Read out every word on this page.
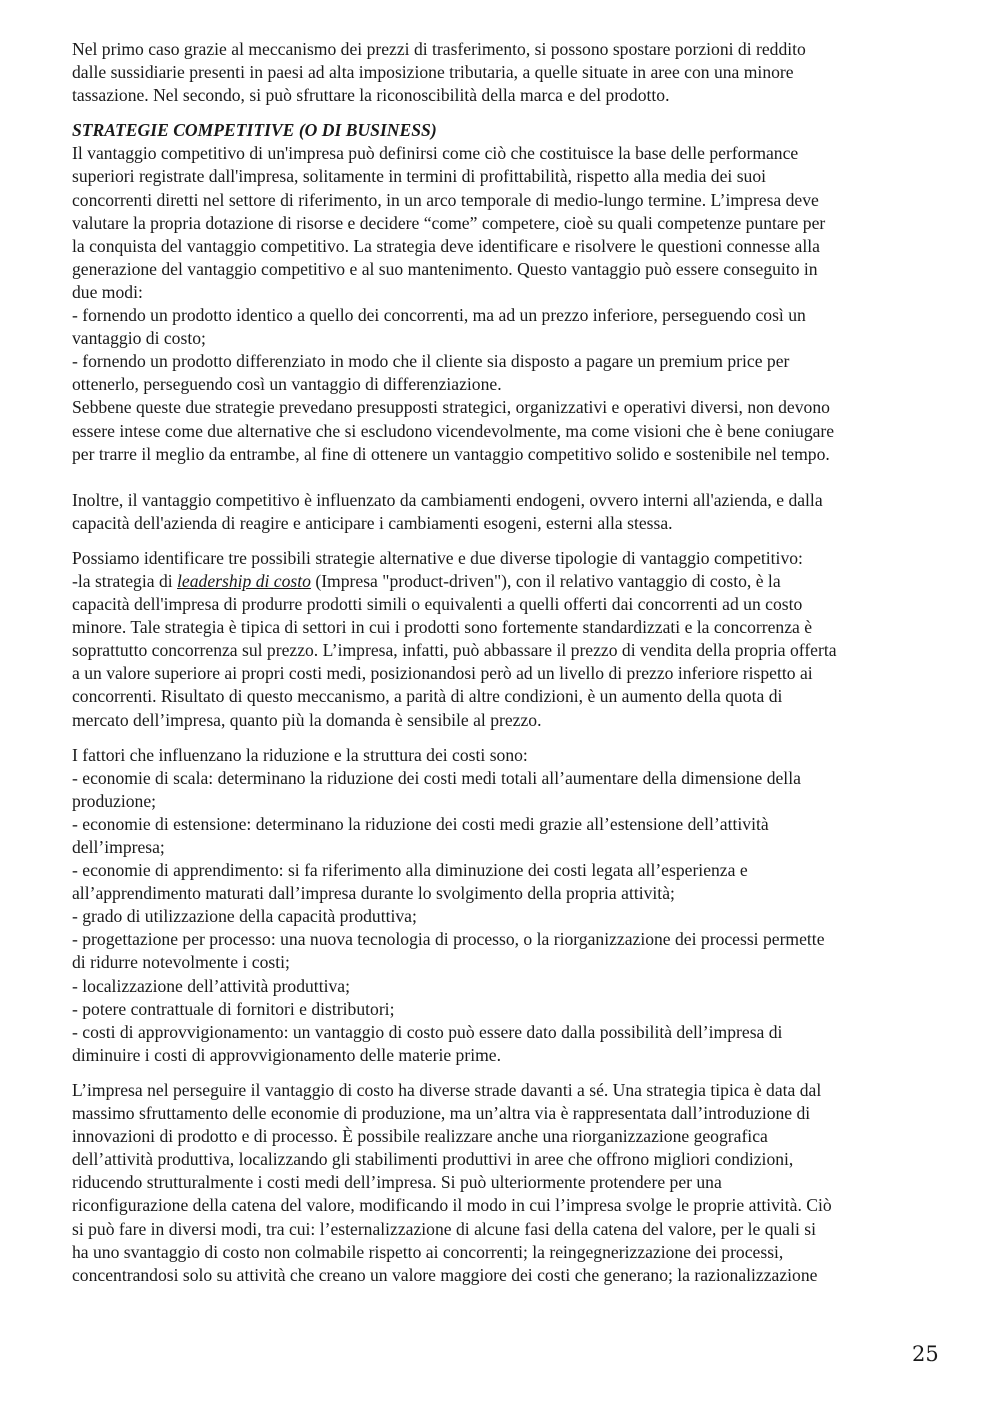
Nel primo caso grazie al meccanismo dei prezzi di trasferimento, si possono spostare porzioni di reddito
dalle sussidiarie presenti in paesi ad alta imposizione tributaria, a quelle situate in aree con una minore
tassazione. Nel secondo, si può sfruttare la riconoscibilità della marca e del prodotto.
STRATEGIE COMPETITIVE (O DI BUSINESS)
Il vantaggio competitivo di un'impresa può definirsi come ciò che costituisce la base delle performance
superiori registrate dall'impresa, solitamente in termini di profittabilità, rispetto alla media dei suoi
concorrenti diretti nel settore di riferimento, in un arco temporale di medio-lungo termine. L’impresa deve
valutare la propria dotazione di risorse e decidere “come” competere, cioè su quali competenze puntare per
la conquista del vantaggio competitivo. La strategia deve identificare e risolvere le questioni connesse alla
generazione del vantaggio competitivo e al suo mantenimento. Questo vantaggio può essere conseguito in
due modi:
- fornendo un prodotto identico a quello dei concorrenti, ma ad un prezzo inferiore, perseguendo così un
vantaggio di costo;
- fornendo un prodotto differenziato in modo che il cliente sia disposto a pagare un premium price per
ottenerlo, perseguendo così un vantaggio di differenziazione.
Sebbene queste due strategie prevedano presupposti strategici, organizzativi e operativi diversi, non devono
essere intese come due alternative che si escludono vicendevolmente, ma come visioni che è bene coniugare
per trarre il meglio da entrambe, al fine di ottenere un vantaggio competitivo solido e sostenibile nel tempo.
Inoltre, il vantaggio competitivo è influenzato da cambiamenti endogeni, ovvero interni all'azienda, e dalla
capacità dell'azienda di reagire e anticipare i cambiamenti esogeni, esterni alla stessa.
Possiamo identificare tre possibili strategie alternative e due diverse tipologie di vantaggio competitivo:
-la strategia di leadership di costo (Impresa "product-driven"), con il relativo vantaggio di costo, è la
capacità dell'impresa di produrre prodotti simili o equivalenti a quelli offerti dai concorrenti ad un costo
minore. Tale strategia è tipica di settori in cui i prodotti sono fortemente standardizzati e la concorrenza è
soprattutto concorrenza sul prezzo. L’impresa, infatti, può abbassare il prezzo di vendita della propria offerta
a un valore superiore ai propri costi medi, posizionandosi però ad un livello di prezzo inferiore rispetto ai
concorrenti. Risultato di questo meccanismo, a parità di altre condizioni, è un aumento della quota di
mercato dell’impresa, quanto più la domanda è sensibile al prezzo.
I fattori che influenzano la riduzione e la struttura dei costi sono:
- economie di scala: determinano la riduzione dei costi medi totali all’aumentare della dimensione della
produzione;
- economie di estensione: determinano la riduzione dei costi medi grazie all’estensione dell’attività
dell’impresa;
- economie di apprendimento: si fa riferimento alla diminuzione dei costi legata all’esperienza e
all’apprendimento maturati dall’impresa durante lo svolgimento della propria attività;
- grado di utilizzazione della capacità produttiva;
- progettazione per processo: una nuova tecnologia di processo, o la riorganizzazione dei processi permette
di ridurre notevolmente i costi;
- localizzazione dell’attività produttiva;
- potere contrattuale di fornitori e distributori;
- costi di approvvigionamento: un vantaggio di costo può essere dato dalla possibilità dell’impresa di
diminuire i costi di approvvigionamento delle materie prime.
L’impresa nel perseguire il vantaggio di costo ha diverse strade davanti a sé. Una strategia tipica è data dal
massimo sfruttamento delle economie di produzione, ma un’altra via è rappresentata dall’introduzione di
innovazioni di prodotto e di processo. È possibile realizzare anche una riorganizzazione geografica
dell’attività produttiva, localizzando gli stabilimenti produttivi in aree che offrono migliori condizioni,
riducendo strutturalmente i costi medi dell’impresa. Si può ulteriormente protendere per una
riconfigurazione della catena del valore, modificando il modo in cui l’impresa svolge le proprie attività. Ciò
si può fare in diversi modi, tra cui: l’esternalizzazione di alcune fasi della catena del valore, per le quali si
ha uno svantaggio di costo non colmabile rispetto ai concorrenti; la reingegnerizzazione dei processi,
concentrandosi solo su attività che creano un valore maggiore dei costi che generano; la razionalizzazione
25
